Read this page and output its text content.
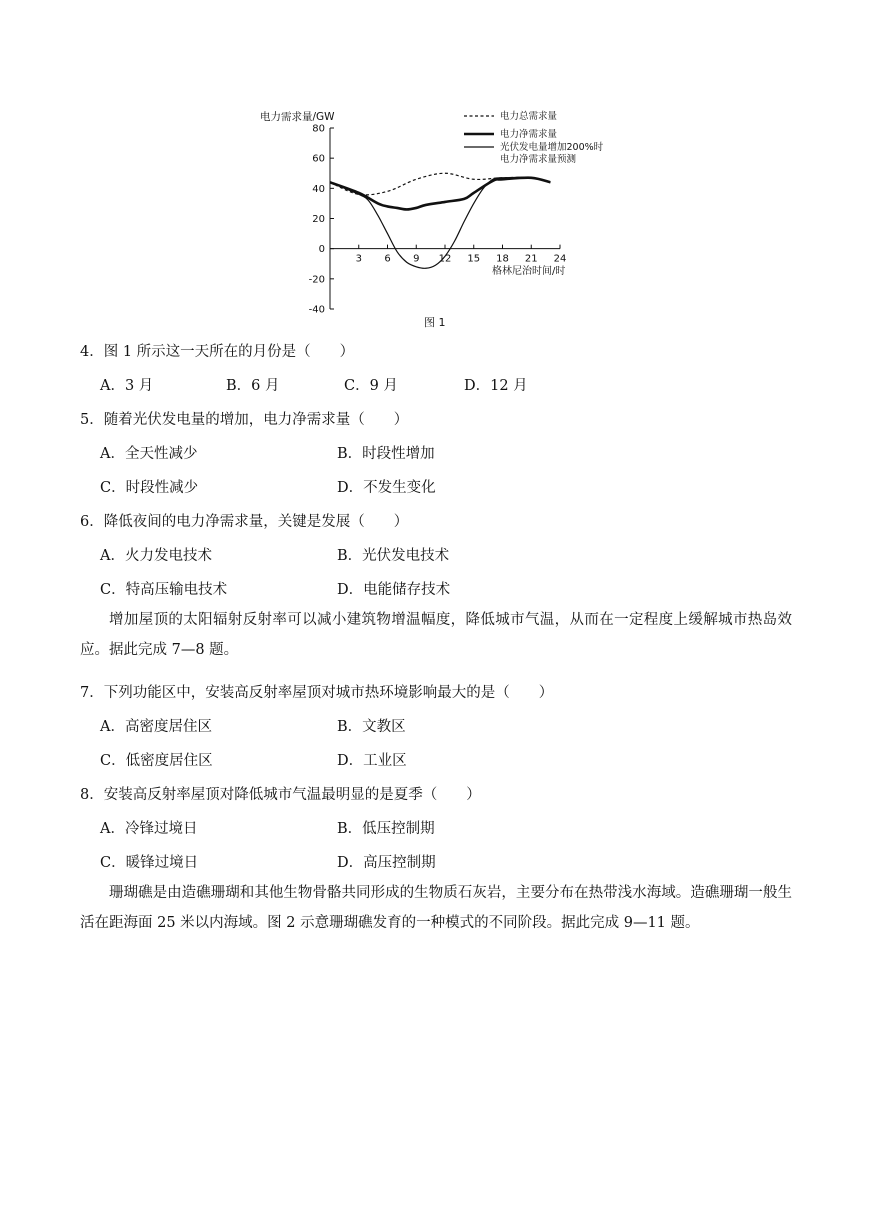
电力需求量/GW
-40
-20
0
20
40
60
80
3 6 9 12 15 18 21 24
电力总需求量
电力净需求量
光伏发电量增加200%时电力净需求量预测
格林尼治时间/时
图 1
4．图 1 所示这一天所在的月份是（　　）
A．3 月	B．6 月	C．9 月	D．12 月
5．随着光伏发电量的增加，电力净需求量（　　）
A．全天性减少	B．时段性增加
C．时段性减少	D．不发生变化
6．降低夜间的电力净需求量，关键是发展（　　）
A．火力发电技术	B．光伏发电技术
C．特高压输电技术	D．电能储存技术
增加屋顶的太阳辐射反射率可以减小建筑物增温幅度，降低城市气温，从而在一定程度上缓解城市热岛效应。据此完成 7—8 题。
7．下列功能区中，安装高反射率屋顶对城市热环境影响最大的是（　　）
A．高密度居住区	B．文教区
C．低密度居住区	D．工业区
8．安装高反射率屋顶对降低城市气温最明显的是夏季（　　）
A．冷锋过境日	B．低压控制期
C．暖锋过境日	D．高压控制期
珊瑚礁是由造礁珊瑚和其他生物骨骼共同形成的生物质石灰岩，主要分布在热带浅水海域。造礁珊瑚一般生活在距海面 25 米以内海域。图 2 示意珊瑚礁发育的一种模式的不同阶段。据此完成 9—11 题。
